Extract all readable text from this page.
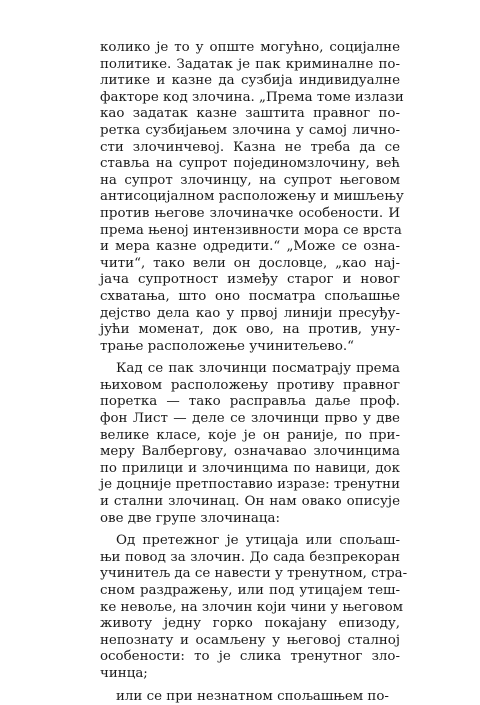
колико је то у опште могућно, социјалне
политике. Задатак је пак криминалне по-
литике и казне да сузбија индивидуалне
факторе код злочина. „Према томе излази
као задатак казне заштита правног по-
ретка сузбијањем злочина у самој лично-
сти злочинчевој. Казна не треба да се
ставља на супрот појединомзлочину, већ
на супрот злочинцу, на супрот његовом
антисоцијалном расположењу и мишљењу
против његове злочиначке особености. И
према њеној интензивности мора се врста
и мера казне одредити.“ „Може се озна-
чити“, тако вели он дословце, „као нај-
јача супротност између старог и новог
схватања, што оно посматра спољашње
дејство дела као у првој линији пресуђу-
јући моменат, док ово, на против, уну-
трање расположење учинитељево.“
Кад се пак злочинци посматрају према
њиховом расположењу противу правног
поретка — тако расправља даље проф.
фон Лист — деле се злочинци прво у две
велике класе, које је он раније, по при-
меру Валбергову, означавао злочинцима
по прилици и злочинцима по навици, док
је доцније претпоставио изразе: тренутни
и стални злочинац. Он нам овако описује
ове две групе злочинаца:
Од претежног је утицаја или спољаш-
њи повод за злочин. До сада безпрекоран
учинитељ да се навести у тренутном, стра-
сном раздражењу, или под утицајем теш-
ке невоље, на злочин који чини у његовом
животу једну горко покајану епизоду,
непознату и осамљену у његовој сталној
особености: то је слика тренутног зло-
чинца;
или се при незнатном спољашњем по-
